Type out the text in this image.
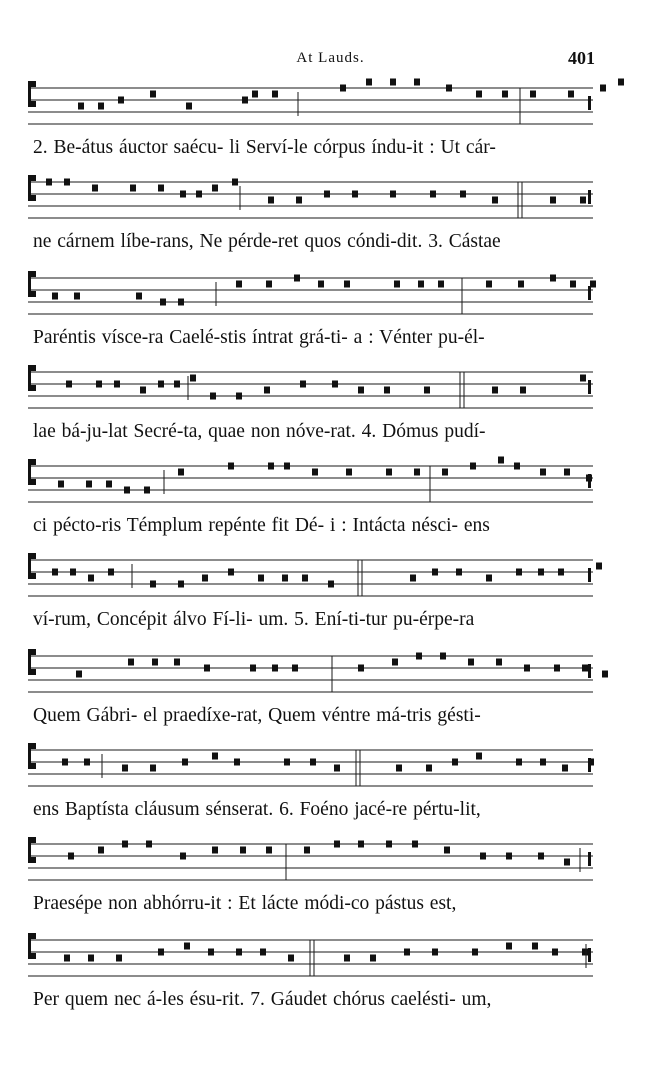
At Lauds.	401
2. Be-átus áuctor saécu- li Serví-le córpus índu-it : Ut cár-
ne cárnem líbe-rans, Ne pérde-ret quos cóndi-dit. 3. Cástae
Paréntis vísce-ra Caelé-stis íntrat grá-ti- a : Vénter pu-él-
lae bá-ju-lat Secré-ta, quae non nóve-rat. 4. Dómus pudí-
ci pécto-ris Témplum repénte fit Dé- i : Intácta nésci- ens
ví-rum, Concépit álvo Fí-li- um. 5. Ení-ti-tur pu-érpe-ra
Quem Gábri- el praedíxe-rat, Quem véntre má-tris gésti-
ens Baptísta cláusum sénserat. 6. Foéno jacé-re pértu-lit,
Praesépe non abhórru-it : Et lácte módi-co pástus est,
Per quem nec á-les ésu-rit. 7. Gáudet chórus caelésti- um,
